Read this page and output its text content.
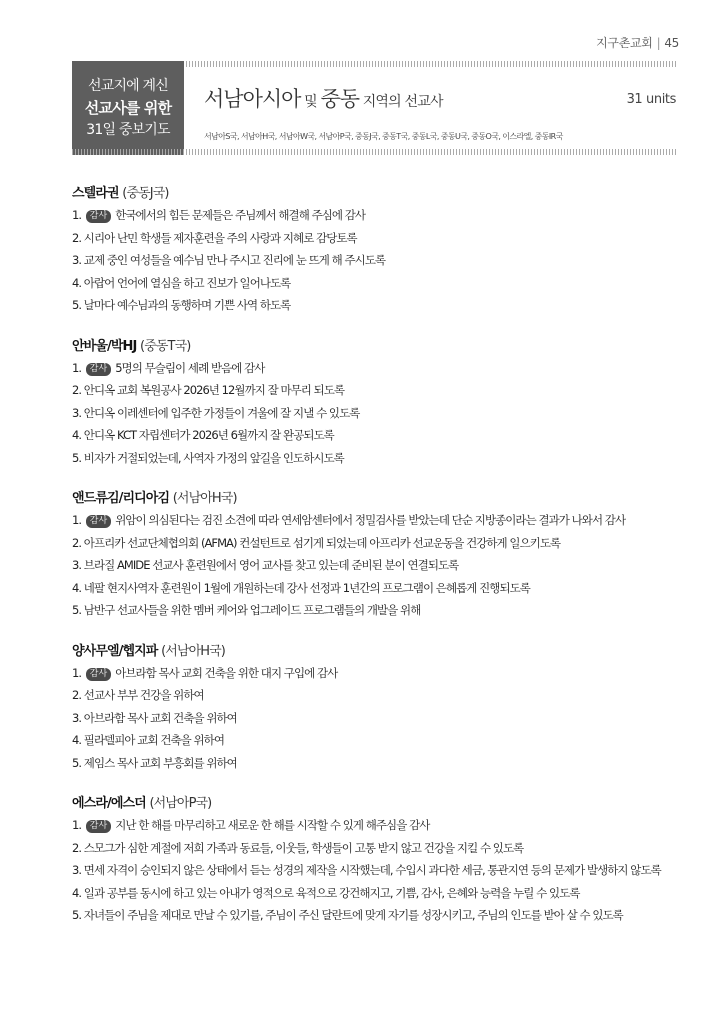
지구촌교회 | 45
선교지에 계신
선교사를 위한
31일 중보기도
서남아시아 및 중동 지역의 선교사	31 units
서남아S국, 서남아H국, 서남아W국, 서남아P국, 중동J국, 중동T국, 중동L국, 중동U국, 중동O국, 이스라엘, 중동IR국
스텔라권 (중동J국)
1. 감사 한국에서의 힘든 문제들은 주님께서 해결해 주심에 감사
2. 시리아 난민 학생들 제자훈련을 주의 사랑과 지혜로 감당토록
3. 교제 중인 여성들을 예수님 만나 주시고 진리에 눈 뜨게 해 주시도록
4. 아랍어 언어에 열심을 하고 진보가 일어나도록
5. 날마다 예수님과의 동행하며 기쁜 사역 하도록
안바울/박HJ (중동T국)
1. 감사 5명의 무슬림이 세례 받음에 감사
2. 안디옥 교회 복원공사 2026년 12월까지 잘 마무리 되도록
3. 안디옥 이레센터에 입주한 가정들이 겨울에 잘 지낼 수 있도록
4. 안디옥 KCT 자립센터가 2026년 6월까지 잘 완공되도록
5. 비자가 거절되었는데, 사역자 가정의 앞길을 인도하시도록
앤드류김/리디아김 (서남아H국)
1. 감사 위암이 의심된다는 검진 소견에 따라 연세암센터에서 정밀검사를 받았는데 단순 지방종이라는 결과가 나와서 감사
2. 아프리카 선교단체협의회 (AFMA) 컨설턴트로 섬기게 되었는데 아프리카 선교운동을 건강하게 일으키도록
3. 브라질 AMIDE 선교사 훈련원에서 영어 교사를 찾고 있는데 준비된 분이 연결되도록
4. 네팔 현지사역자 훈련원이 1월에 개원하는데 강사 선정과 1년간의 프로그램이 은혜롭게 진행되도록
5. 남반구 선교사들을 위한 멤버 케어와 업그레이드 프로그램들의 개발을 위해
양사무엘/헵지파 (서남아H국)
1. 감사 아브라함 목사 교회 건축을 위한 대지 구입에 감사
2. 선교사 부부 건강을 위하여
3. 아브라함 목사 교회 건축을 위하여
4. 필라델피아 교회 건축을 위하여
5. 제임스 목사 교회 부흥회를 위하여
에스라/에스더 (서남아P국)
1. 감사 지난 한 해를 마무리하고 새로운 한 해를 시작할 수 있게 해주심을 감사
2. 스모그가 심한 계절에 저희 가족과 동료들, 이웃들, 학생들이 고통 받지 않고 건강을 지킬 수 있도록
3. 면세 자격이 승인되지 않은 상태에서 듣는 성경의 제작을 시작했는데, 수입시 과다한 세금, 통관지연 등의 문제가 발생하지 않도록
4. 일과 공부를 동시에 하고 있는 아내가 영적으로 육적으로 강건해지고, 기쁨, 감사, 은혜와 능력을 누릴 수 있도록
5. 자녀들이 주님을 제대로 만날 수 있기를, 주님이 주신 달란트에 맞게 자기를 성장시키고, 주님의 인도를 받아 살 수 있도록
